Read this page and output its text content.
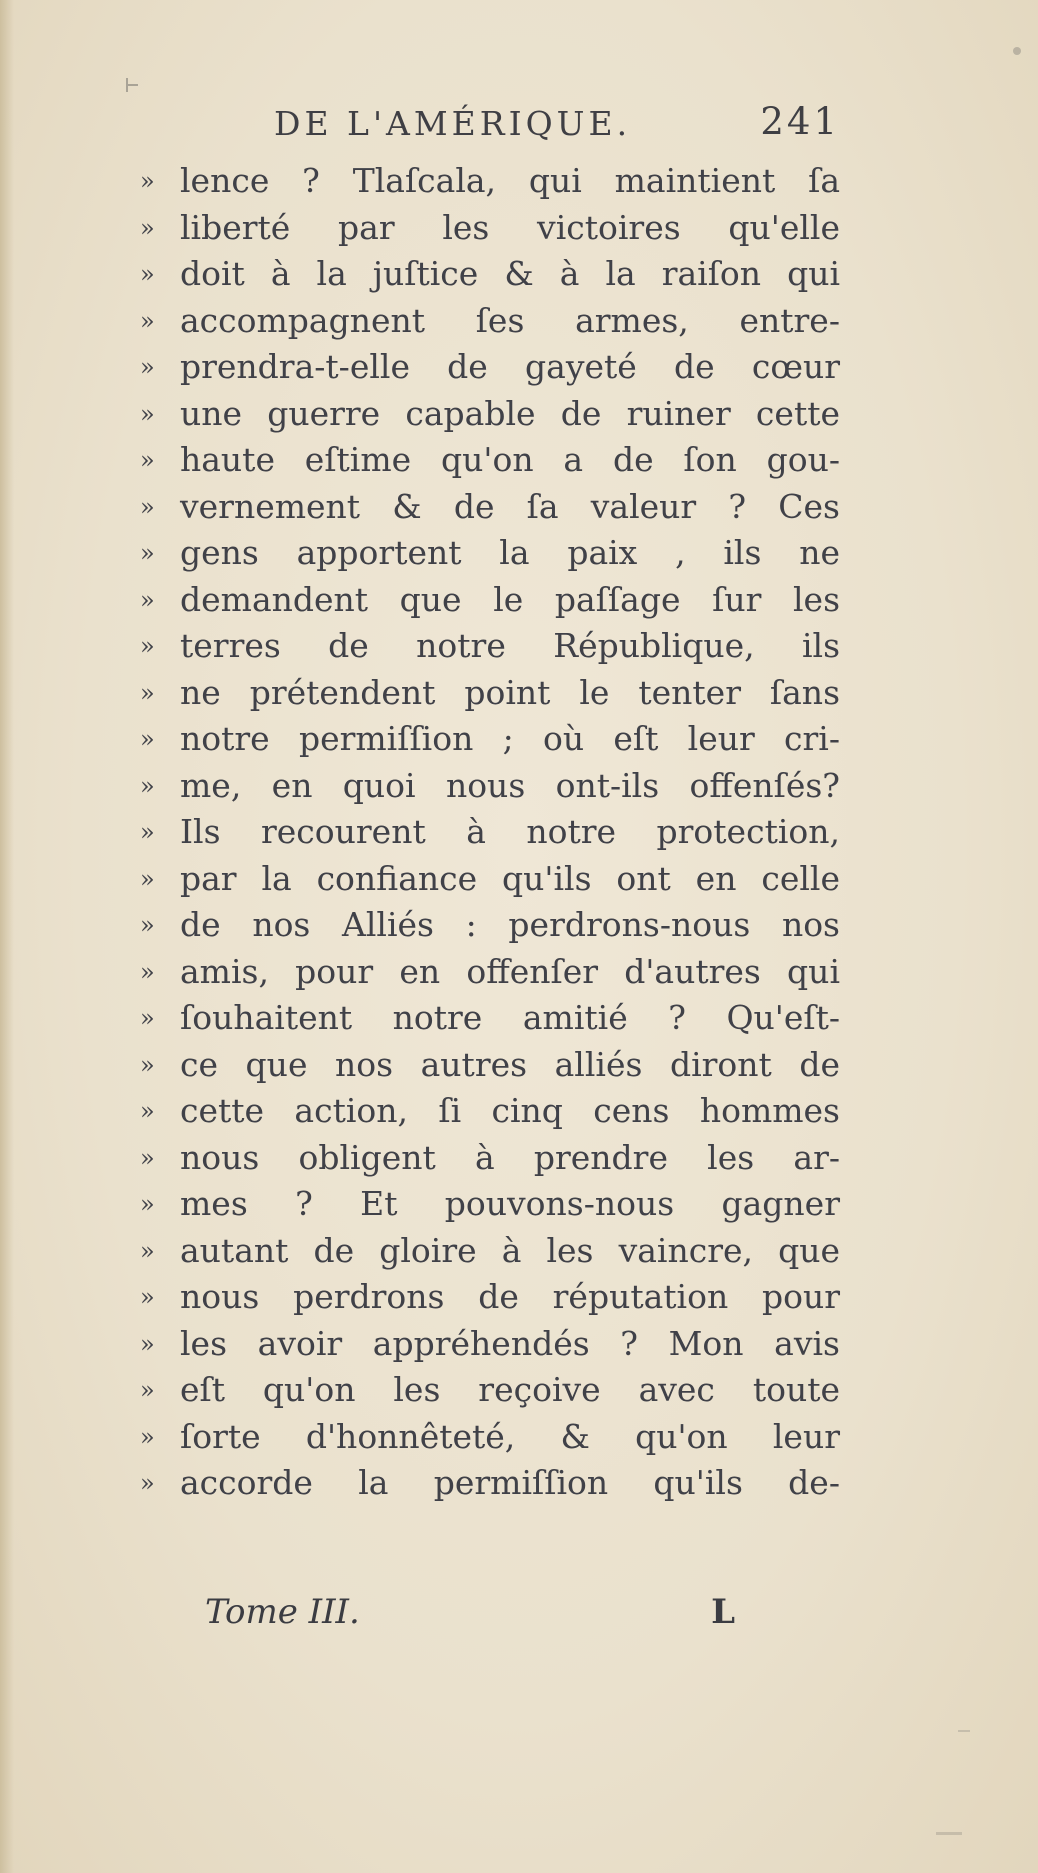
DE L'AMÉRIQUE.	241
» lence ? Tlaſcala, qui maintient ſa
» liberté par les victoires qu'elle
» doit à la juſtice & à la raiſon qui
» accompagnent ſes armes, entre-
» prendra-t-elle de gayeté de cœur
» une guerre capable de ruiner cette
» haute eſtime qu'on a de ſon gou-
» vernement & de ſa valeur ? Ces
» gens apportent la paix , ils ne
» demandent que le paſſage ſur les
» terres de notre République, ils
» ne prétendent point le tenter ſans
» notre permiſſion ; où eſt leur cri-
» me, en quoi nous ont-ils offenſés?
» Ils recourent à notre protection,
» par la confiance qu'ils ont en celle
» de nos Alliés : perdrons-nous nos
» amis, pour en offenſer d'autres qui
» ſouhaitent notre amitié ? Qu'eſt-
» ce que nos autres alliés diront de
» cette action, ſi cinq cens hommes
» nous obligent à prendre les ar-
» mes ? Et pouvons-nous gagner
» autant de gloire à les vaincre, que
» nous perdrons de réputation pour
» les avoir appréhendés ? Mon avis
» eſt qu'on les reçoive avec toute
» ſorte d'honnêteté, & qu'on leur
» accorde la permiſſion qu'ils de-
Tome III.	L
